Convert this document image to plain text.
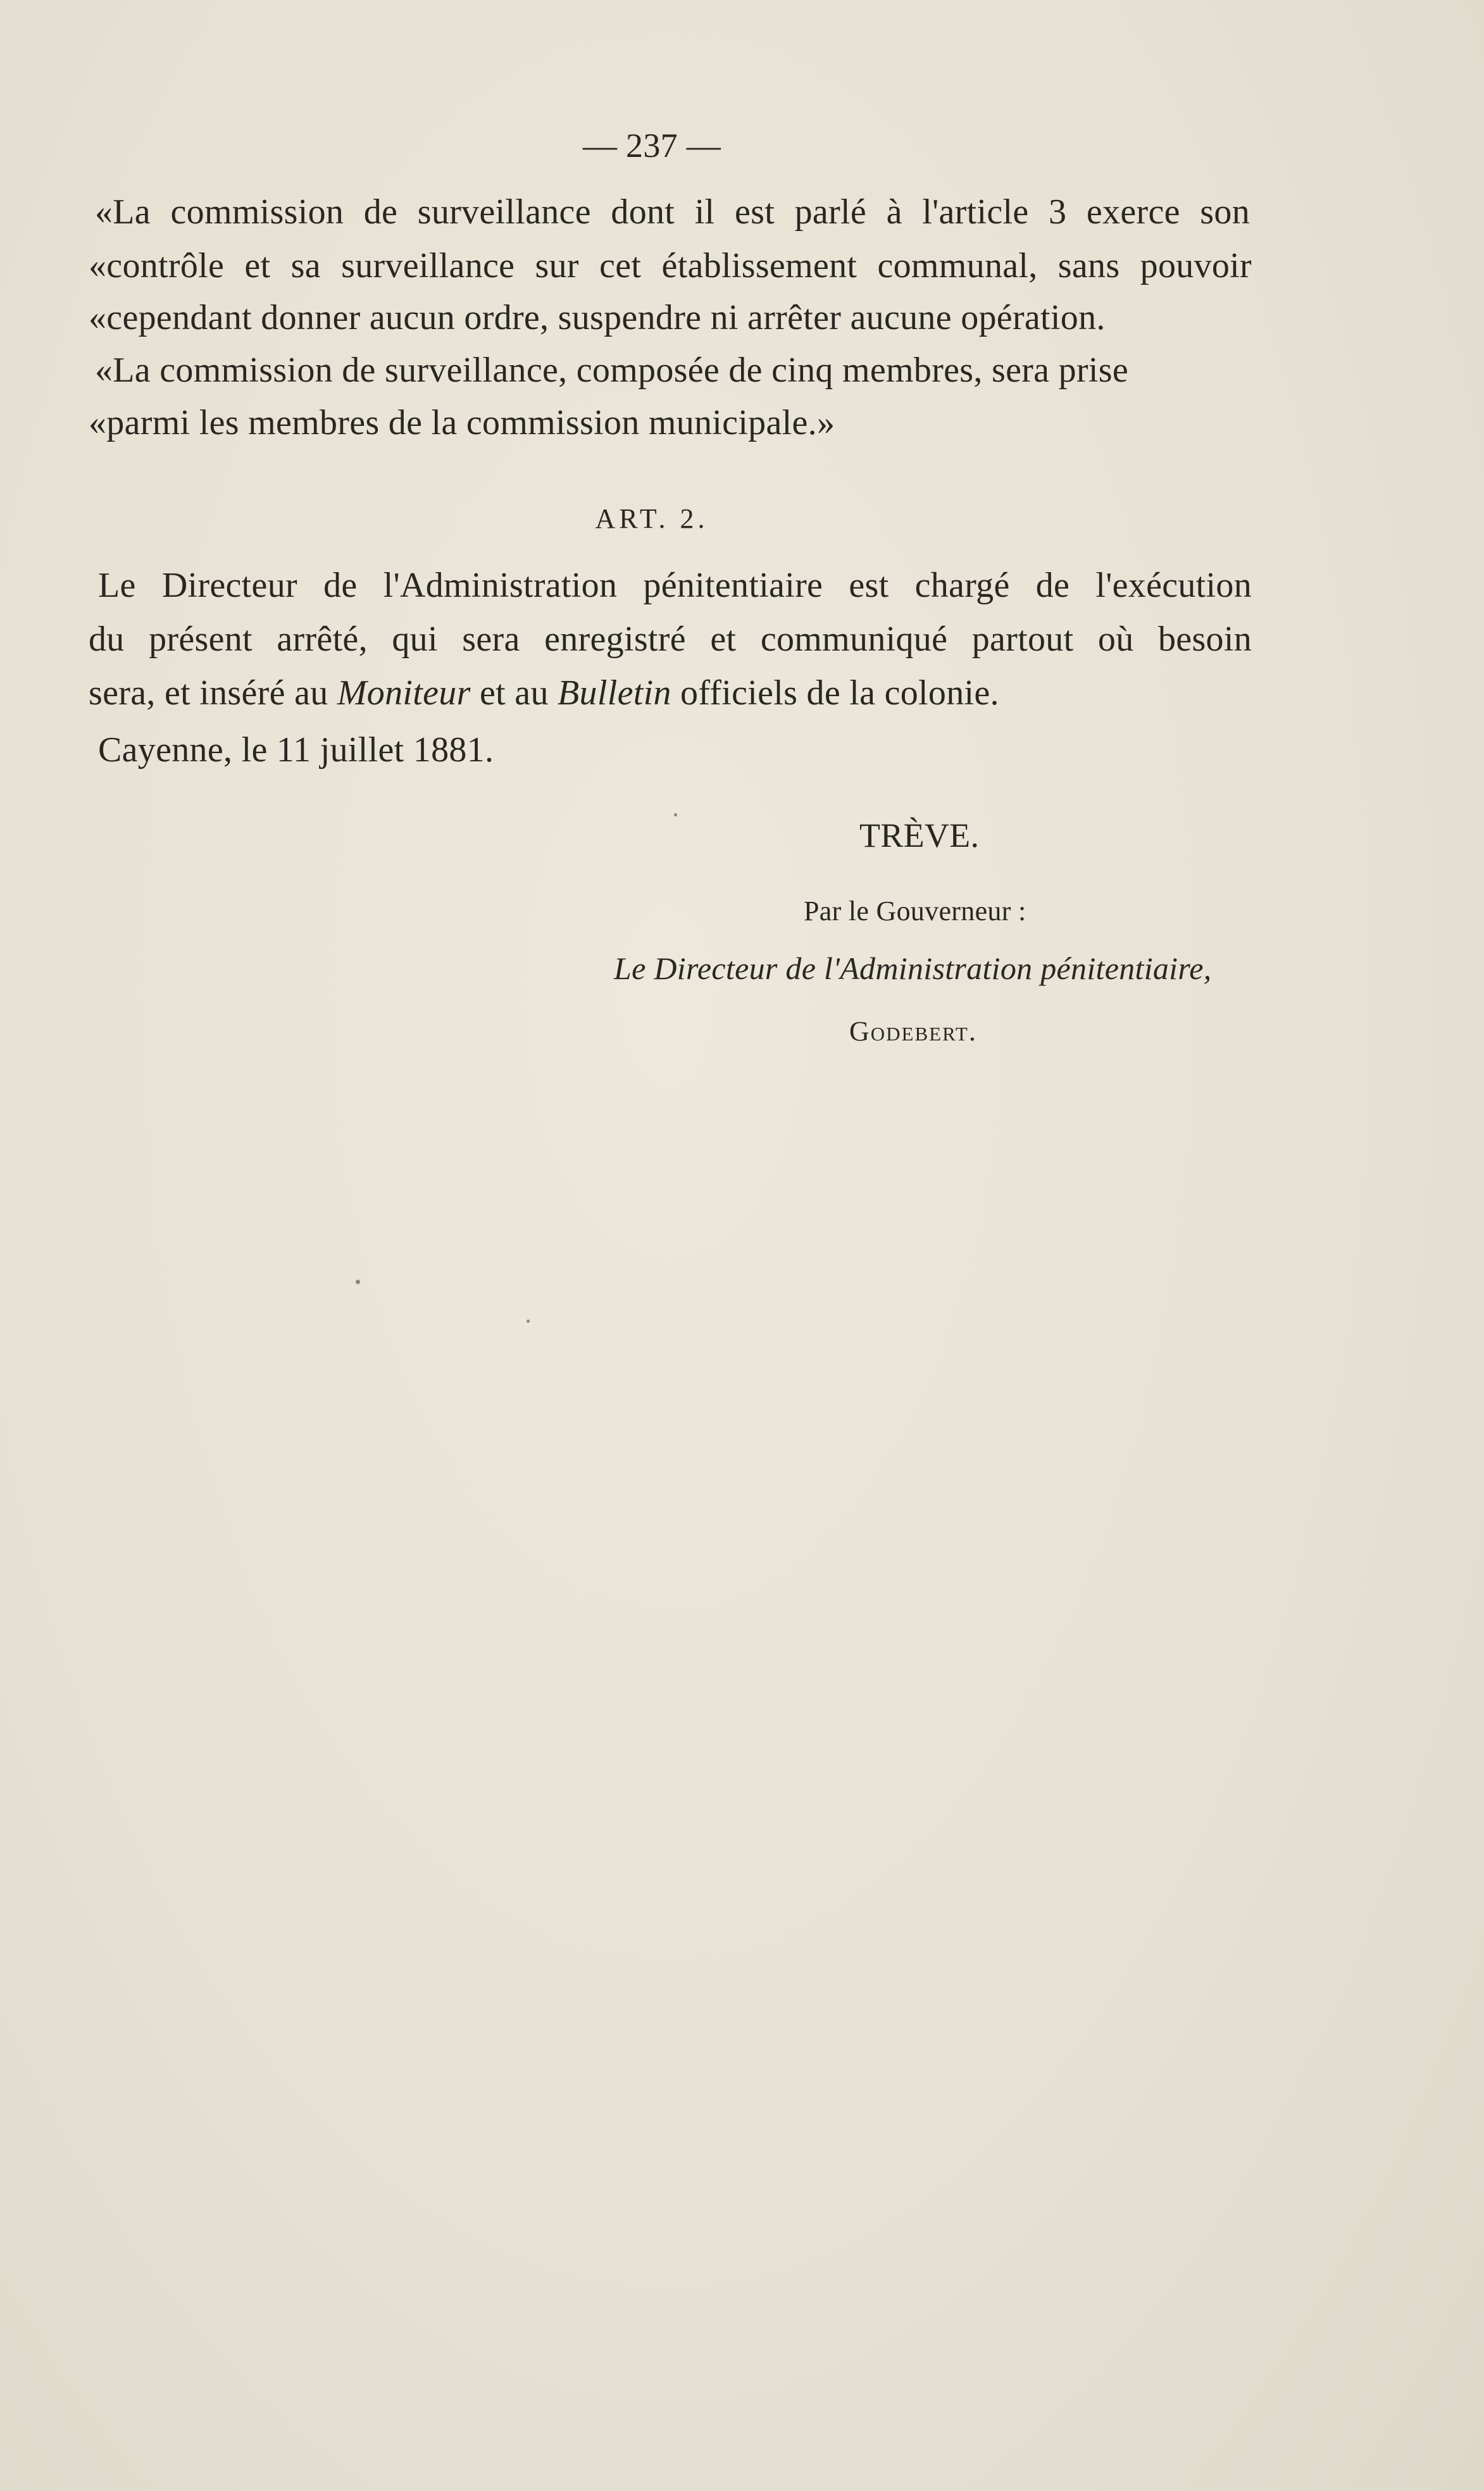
— 237 —
«La commission de surveillance dont il est parlé à l'article 3 exerce son
«contrôle et sa surveillance sur cet établissement communal, sans pouvoir
«cependant donner aucun ordre, suspendre ni arrêter aucune opération.
«La commission de surveillance, composée de cinq membres, sera prise
«parmi les membres de la commission municipale.»
ART. 2.
Le Directeur de l'Administration pénitentiaire est chargé de l'exécution
du présent arrêté, qui sera enregistré et communiqué partout où besoin
sera, et inséré au Moniteur et au Bulletin officiels de la colonie.
Cayenne, le 11 juillet 1881.
TRÈVE.
Par le Gouverneur :
Le Directeur de l'Administration pénitentiaire,
Godebert.
